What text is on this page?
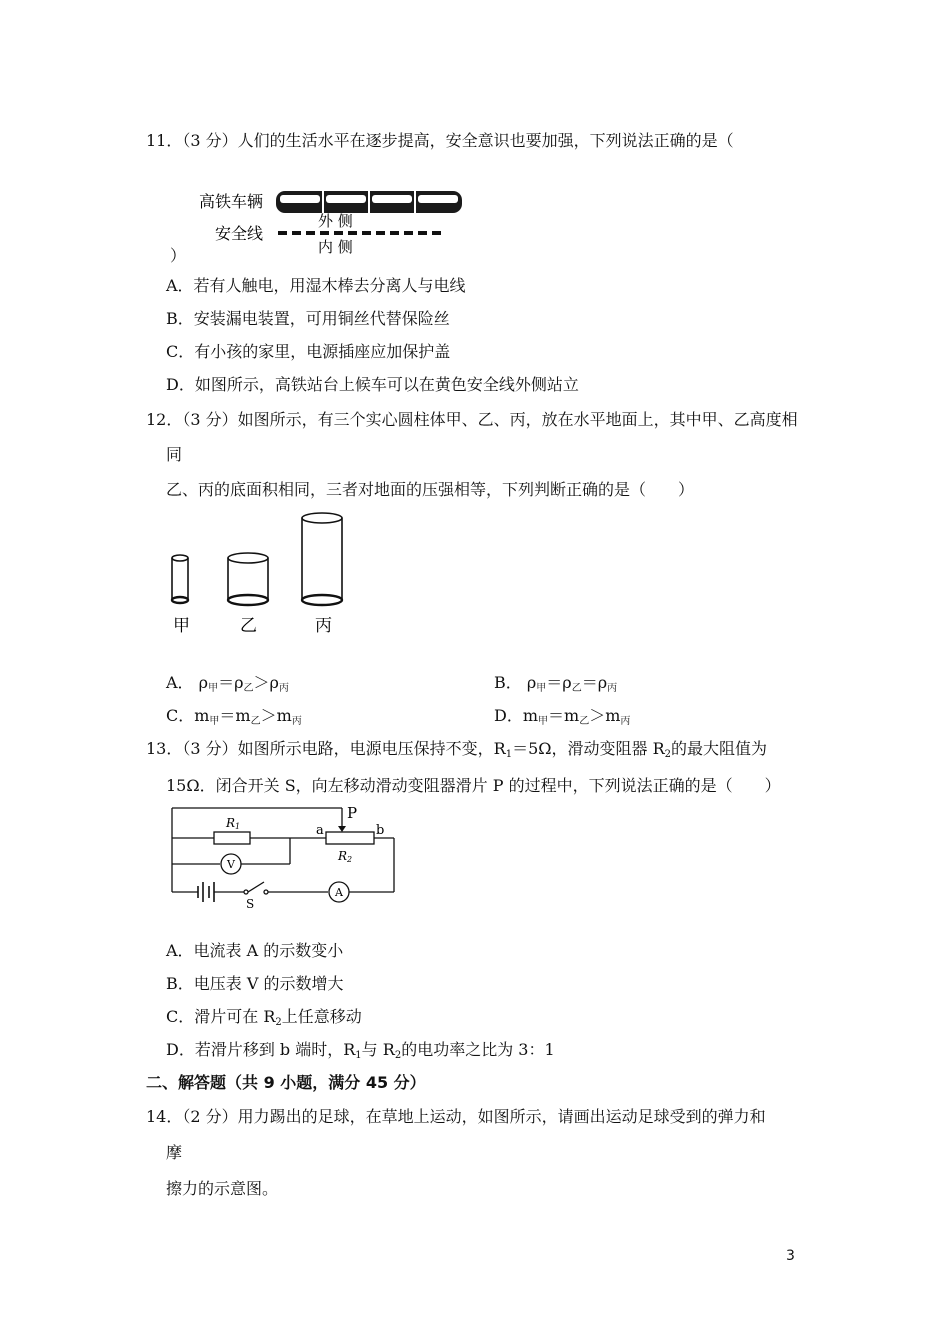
11．（3 分）人们的生活水平在逐步提高，安全意识也要加强，下列说法正确的是（
高铁车辆
外 侧
安全线
内 侧
）
A．若有人触电，用湿木棒去分离人与电线
B．安装漏电装置，可用铜丝代替保险丝
C．有小孩的家里，电源插座应加保护盖
D．如图所示，高铁站台上候车可以在黄色安全线外侧站立
12．（3 分）如图所示，有三个实心圆柱体甲、乙、丙，放在水平地面上，其中甲、乙高度相
同
乙、丙的底面积相同，三者对地面的压强相等，下列判断正确的是（　　）
甲	乙	丙
A． $\rho_甲=\rho_乙>\rho_丙$	B． $\rho_甲=\rho_乙=\rho_丙$
C．$m_甲=m_乙>m_丙$	D．$m_甲=m_乙>m_丙$
13．（3 分）如图所示电路，电源电压保持不变，$R_1=5\Omega$，滑动变阻器 $R_2$的最大阻值为
15Ω．闭合开关 S，向左移动滑动变阻器滑片 P 的过程中，下列说法正确的是（　　）
R1
R2
a	b
P
V
A
S
A．电流表 A 的示数变小
B．电压表 V 的示数增大
C．滑片可在 $R_2$上任意移动
D．若滑片移到 b 端时，$R_1$与 $R_2$的电功率之比为 3：1
二、解答题（共 9 小题，满分 45 分）
14．（2 分）用力踢出的足球，在草地上运动，如图所示，请画出运动足球受到的弹力和
摩
擦力的示意图。
3
